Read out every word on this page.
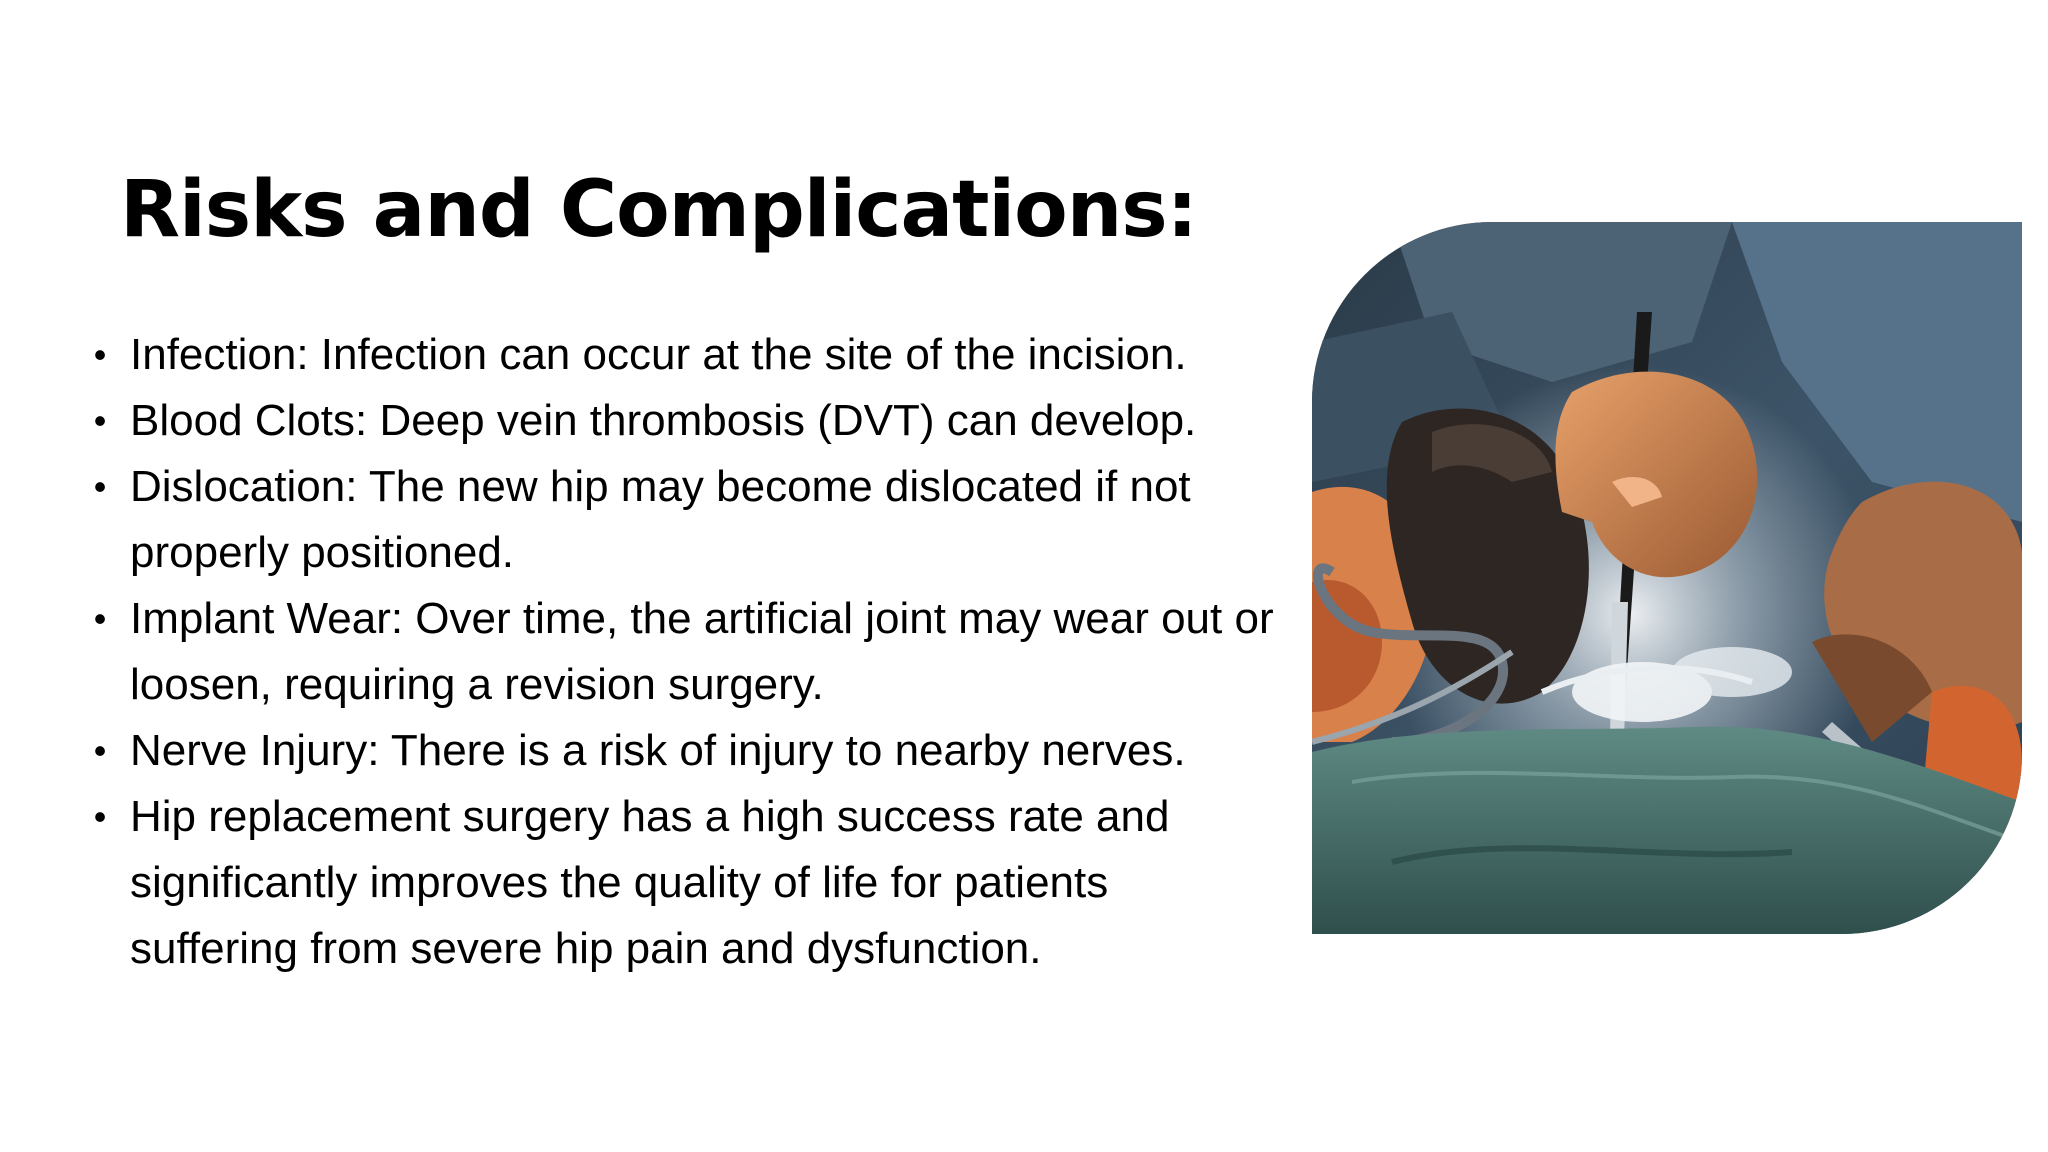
Risks and Complications:
• Infection: Infection can occur at the site of the incision.
• Blood Clots: Deep vein thrombosis (DVT) can develop.
• Dislocation: The new hip may become dislocated if not properly positioned.
• Implant Wear: Over time, the artificial joint may wear out or loosen, requiring a revision surgery.
• Nerve Injury: There is a risk of injury to nearby nerves.
• Hip replacement surgery has a high success rate and significantly improves the quality of life for patients suffering from severe hip pain and dysfunction.
